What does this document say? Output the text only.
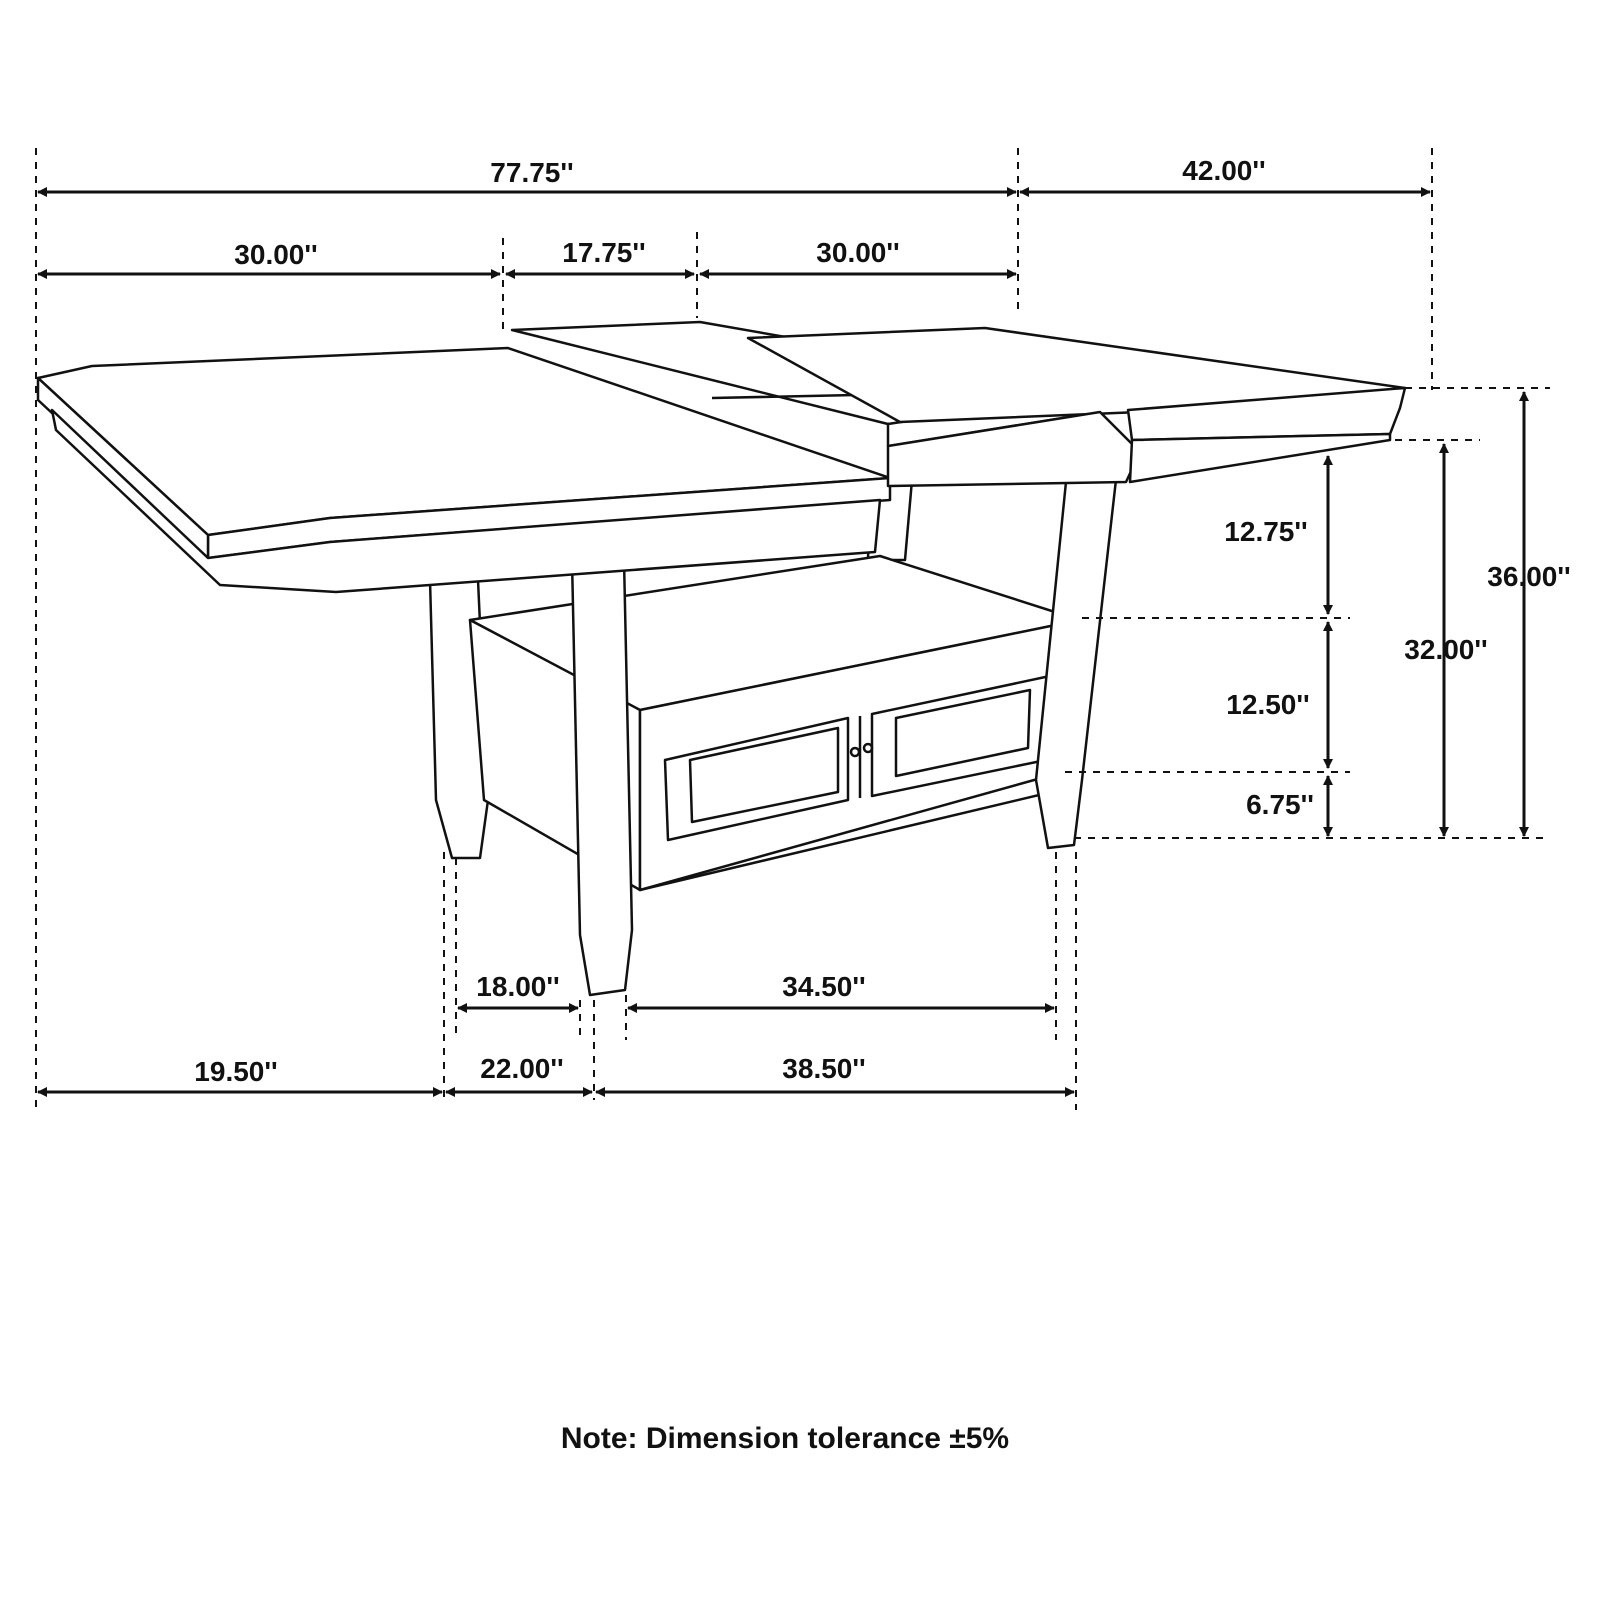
77.75''	42.00''
30.00''	17.75''	30.00''
12.75''
12.50''
6.75''
36.00''
32.00''
18.00''	34.50''
19.50''	22.00''	38.50''
Note: Dimension tolerance ±5%
